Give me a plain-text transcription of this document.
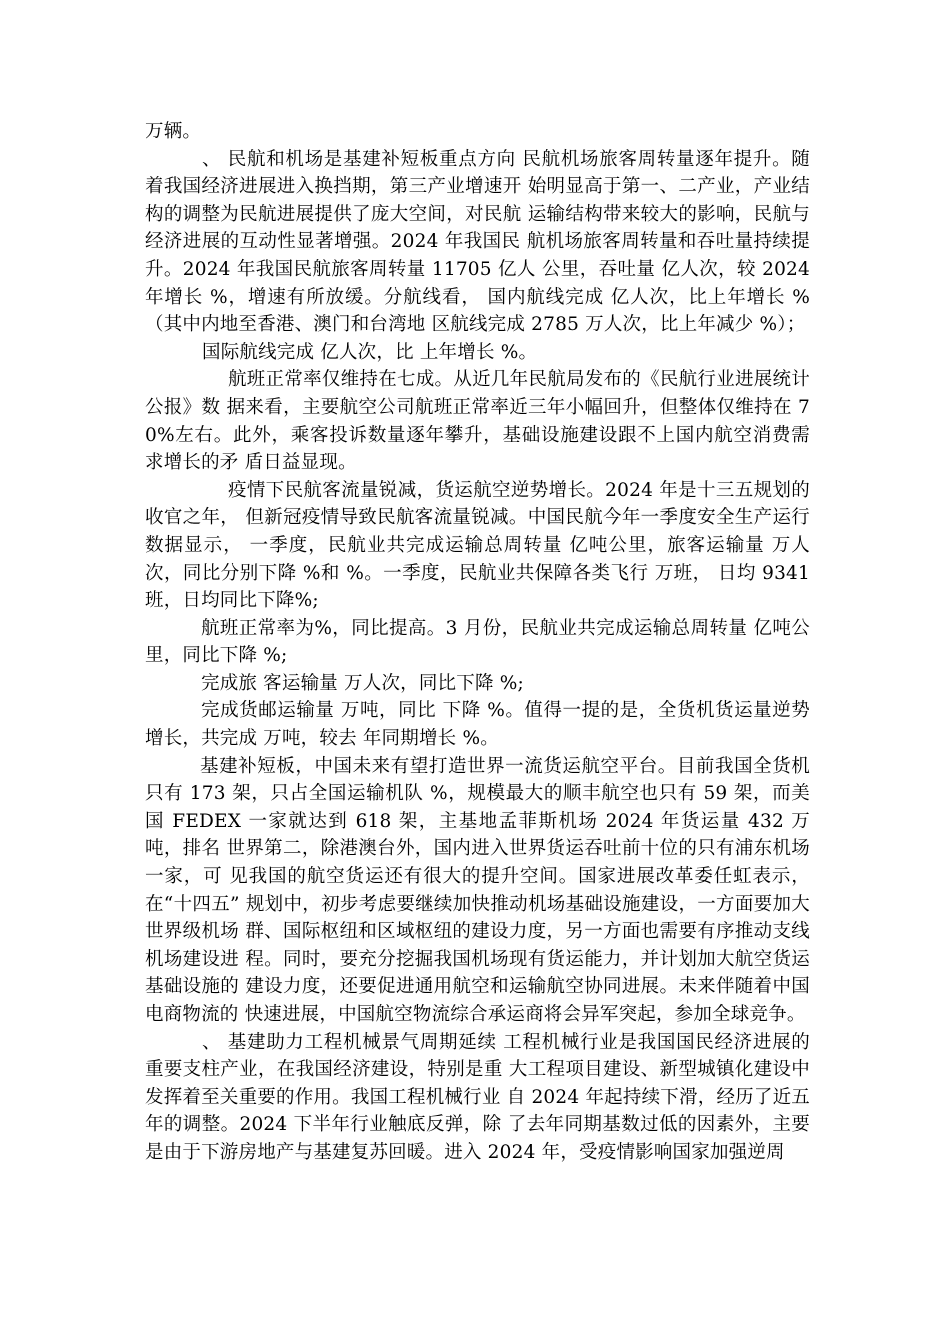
万辆。

、 民航和机场是基建补短板重点方向 民航机场旅客周转量逐年提升。随着我国经济进展进入换挡期，第三产业增速开 始明显高于第一、二产业，产业结构的调整为民航进展提供了庞大空间，对民航 运输结构带来较大的影响，民航与经济进展的互动性显著增强。2024 年我国民 航机场旅客周转量和吞吐量持续提升。2024 年我国民航旅客周转量 11705 亿人 公里，吞吐量 亿人次，较 2024 年增长 %，增速有所放缓。分航线看， 国内航线完成 亿人次，比上年增长 %（其中内地至香港、澳门和台湾地 区航线完成 2785 万人次，比上年减少 %）；

国际航线完成 亿人次，比 上年增长 %。

航班正常率仅维持在七成。从近几年民航局发布的《民航行业进展统计公报》数 据来看，主要航空公司航班正常率近三年小幅回升，但整体仅维持在 70%左右。此外，乘客投诉数量逐年攀升，基础设施建设跟不上国内航空消费需求增长的矛 盾日益显现。

疫情下民航客流量锐减，货运航空逆势增长。2024 年是十三五规划的收官之年， 但新冠疫情导致民航客流量锐减。中国民航今年一季度安全生产运行数据显示， 一季度，民航业共完成运输总周转量 亿吨公里，旅客运输量 万人 次，同比分别下降 %和 %。一季度，民航业共保障各类飞行 万班， 日均 9341 班，日均同比下降%;

航班正常率为%，同比提高。3 月份，民航业共完成运输总周转量 亿吨公里，同比下降 %;

完成旅 客运输量 万人次，同比下降 %;

完成货邮运输量 万吨，同比 下降 %。值得一提的是，全货机货运量逆势增长，共完成 万吨，较去 年同期增长 %。

基建补短板，中国未来有望打造世界一流货运航空平台。目前我国全货机只有 173 架，只占全国运输机队 %，规模最大的顺丰航空也只有 59 架，而美国 FEDEX 一家就达到 618 架，主基地孟菲斯机场 2024 年货运量 432 万吨，排名 世界第二，除港澳台外，国内进入世界货运吞吐前十位的只有浦东机场一家，可 见我国的航空货运还有很大的提升空间。国家进展改革委任虹表示，在“十四五” 规划中，初步考虑要继续加快推动机场基础设施建设，一方面要加大世界级机场 群、国际枢纽和区域枢纽的建设力度，另一方面也需要有序推动支线机场建设进 程。同时，要充分挖掘我国机场现有货运能力，并计划加大航空货运基础设施的 建设力度，还要促进通用航空和运输航空协同进展。未来伴随着中国电商物流的 快速进展，中国航空物流综合承运商将会异军突起，参加全球竞争。

、 基建助力工程机械景气周期延续 工程机械行业是我国国民经济进展的重要支柱产业，在我国经济建设，特别是重 大工程项目建设、新型城镇化建设中发挥着至关重要的作用。我国工程机械行业 自 2024 年起持续下滑，经历了近五年的调整。2024 下半年行业触底反弹，除 了去年同期基数过低的因素外，主要是由于下游房地产与基建复苏回暖。进入 2024 年，受疫情影响国家加强逆周
